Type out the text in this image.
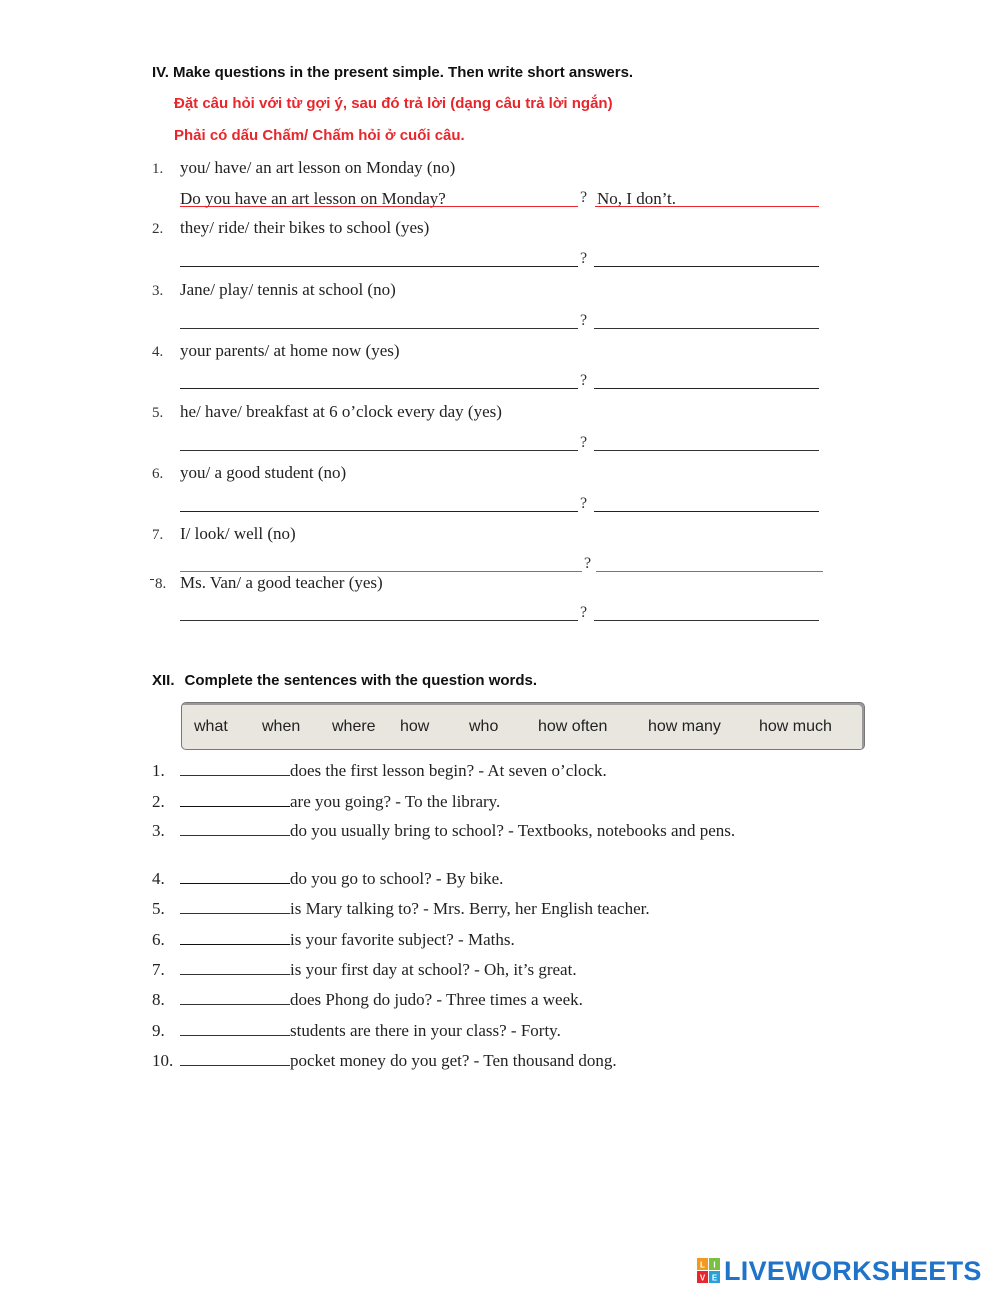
IV. Make questions in the present simple. Then write short answers.
Đặt câu hỏi với từ gợi ý, sau đó trả lời (dạng câu trả lời ngắn)
Phải có dấu Chấm/ Chấm hỏi ở cuối câu.
1. you/ have/ an art lesson on Monday (no)
Do you have an art lesson on Monday?	? No, I don’t.
2. they/ ride/ their bikes to school (yes)
?
3. Jane/ play/ tennis at school (no)
?
4. your parents/ at home now (yes)
?
5. he/ have/ breakfast at 6 o’clock every day (yes)
?
6. you/ a good student (no)
?
7. I/ look/ well (no)
?
8. Ms. Van/ a good teacher (yes)
?
XII. Complete the sentences with the question words.
what when where how who how often	how many how much
1.	does the first lesson begin? - At seven o’clock.
2.	are you going? - To the library.
3.	do you usually bring to school? - Textbooks, notebooks and pens.
4.	do you go to school? - By bike.
5.	is Mary talking to? - Mrs. Berry, her English teacher.
6.	is your favorite subject? - Maths.
7.	is your first day at school? - Oh, it’s great.
8.	does Phong do judo? - Three times a week.
9.	students are there in your class? - Forty.
10.	pocket money do you get? - Ten thousand dong.
L I
V E LIVEWORKSHEETS
